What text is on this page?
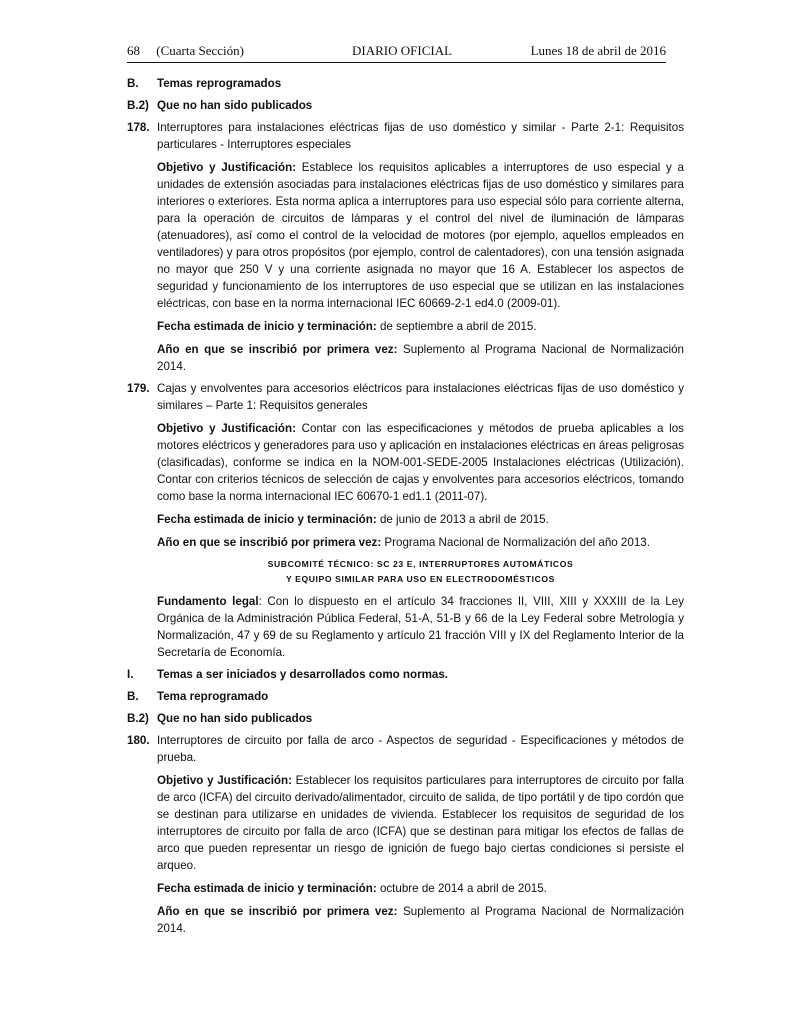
68     (Cuarta Sección)	DIARIO OFICIAL	Lunes 18 de abril de 2016
B. Temas reprogramados
B.2) Que no han sido publicados
178. Interruptores para instalaciones eléctricas fijas de uso doméstico y similar - Parte 2-1: Requisitos particulares - Interruptores especiales
Objetivo y Justificación: Establece los requisitos aplicables a interruptores de uso especial y a unidades de extensión asociadas para instalaciones eléctricas fijas de uso doméstico y similares para interiores o exteriores. Esta norma aplica a interruptores para uso especial sólo para corriente alterna, para la operación de circuitos de lámparas y el control del nivel de iluminación de lámparas (atenuadores), así como el control de la velocidad de motores (por ejemplo, aquellos empleados en ventiladores) y para otros propósitos (por ejemplo, control de calentadores), con una tensión asignada no mayor que 250 V y una corriente asignada no mayor que 16 A. Establecer los aspectos de seguridad y funcionamiento de los interruptores de uso especial que se utilizan en las instalaciones eléctricas, con base en la norma internacional IEC 60669-2-1 ed4.0 (2009-01).
Fecha estimada de inicio y terminación: de septiembre a abril de 2015.
Año en que se inscribió por primera vez: Suplemento al Programa Nacional de Normalización 2014.
179. Cajas y envolventes para accesorios eléctricos para instalaciones eléctricas fijas de uso doméstico y similares – Parte 1: Requisitos generales
Objetivo y Justificación: Contar con las especificaciones y métodos de prueba aplicables a los motores eléctricos y generadores para uso y aplicación en instalaciones eléctricas en áreas peligrosas (clasificadas), conforme se indica en la NOM-001-SEDE-2005 Instalaciones eléctricas (Utilización). Contar con criterios técnicos de selección de cajas y envolventes para accesorios eléctricos, tomando como base la norma internacional IEC 60670-1 ed1.1 (2011-07).
Fecha estimada de inicio y terminación: de junio de 2013 a abril de 2015.
Año en que se inscribió por primera vez: Programa Nacional de Normalización del año 2013.
SUBCOMITÉ TÉCNICO: SC 23 E, INTERRUPTORES AUTOMÁTICOS
Y EQUIPO SIMILAR PARA USO EN ELECTRODOMÉSTICOS
Fundamento legal: Con lo dispuesto en el artículo 34 fracciones II, VIII, XIII y XXXIII de la Ley Orgánica de la Administración Pública Federal, 51-A, 51-B y 66 de la Ley Federal sobre Metrología y Normalización, 47 y 69 de su Reglamento y artículo 21 fracción VIII y IX del Reglamento Interior de la Secretaría de Economía.
I. Temas a ser iniciados y desarrollados como normas.
B. Tema reprogramado
B.2) Que no han sido publicados
180. Interruptores de circuito por falla de arco - Aspectos de seguridad - Especificaciones y métodos de prueba.
Objetivo y Justificación: Establecer los requisitos particulares para interruptores de circuito por falla de arco (ICFA) del circuito derivado/alimentador, circuito de salida, de tipo portátil y de tipo cordón que se destinan para utilizarse en unidades de vivienda. Establecer los requisitos de seguridad de los interruptores de circuito por falla de arco (ICFA) que se destinan para mitigar los efectos de fallas de arco que pueden representar un riesgo de ignición de fuego bajo ciertas condiciones si persiste el arqueo.
Fecha estimada de inicio y terminación: octubre de 2014 a abril de 2015.
Año en que se inscribió por primera vez: Suplemento al Programa Nacional de Normalización 2014.
